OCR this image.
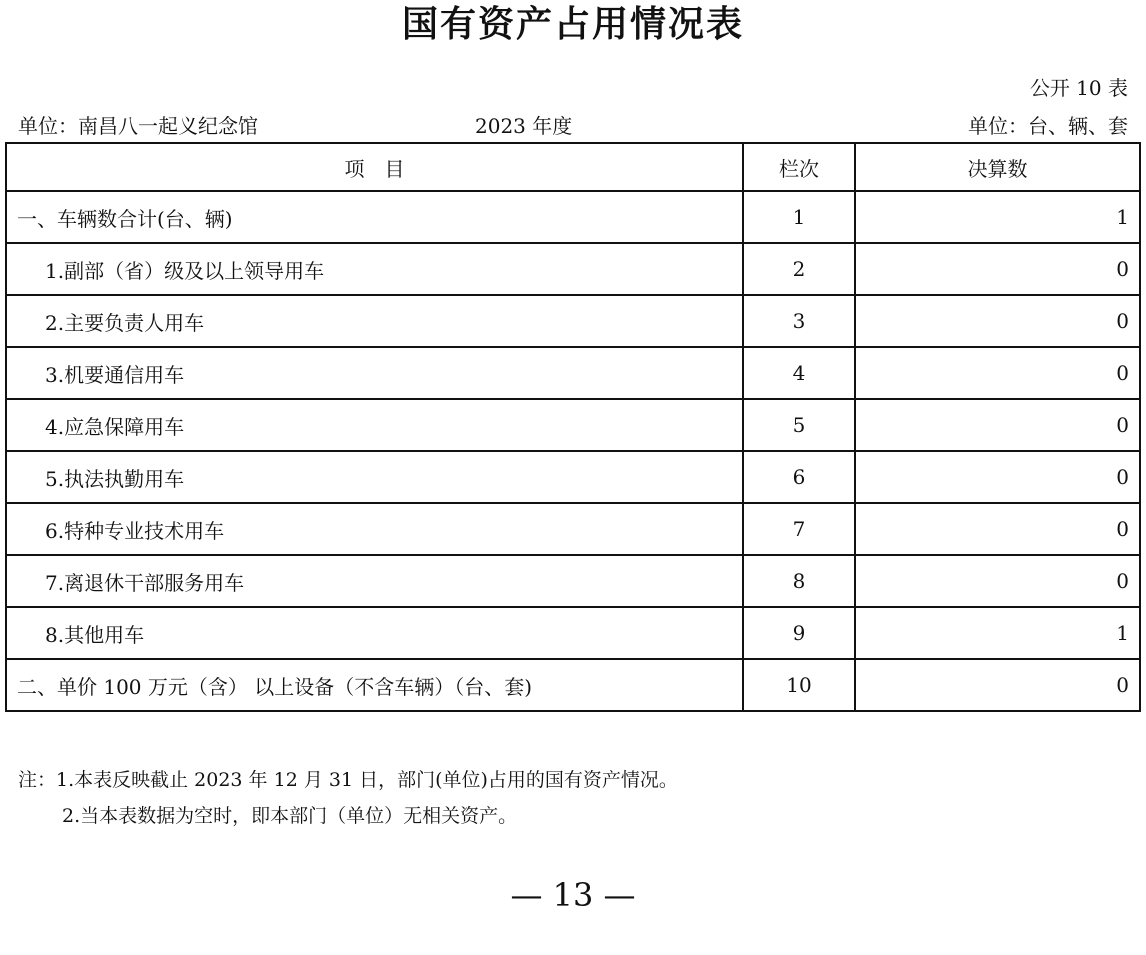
国有资产占用情况表
公开 10 表
单位：南昌八一起义纪念馆	2023 年度	单位：台、辆、套
项　目	栏次	决算数
一、车辆数合计(台、辆)	1	1
1.副部（省）级及以上领导用车	2	0
2.主要负责人用车	3	0
3.机要通信用车	4	0
4.应急保障用车	5	0
5.执法执勤用车	6	0
6.特种专业技术用车	7	0
7.离退休干部服务用车	8	0
8.其他用车	9	1
二、单价 100 万元（含） 以上设备（不含车辆）（台、套)	10	0
注：1.本表反映截止 2023 年 12 月 31 日，部门(单位)占用的国有资产情况。
2.当本表数据为空时，即本部门（单位）无相关资产。
— 13 —
